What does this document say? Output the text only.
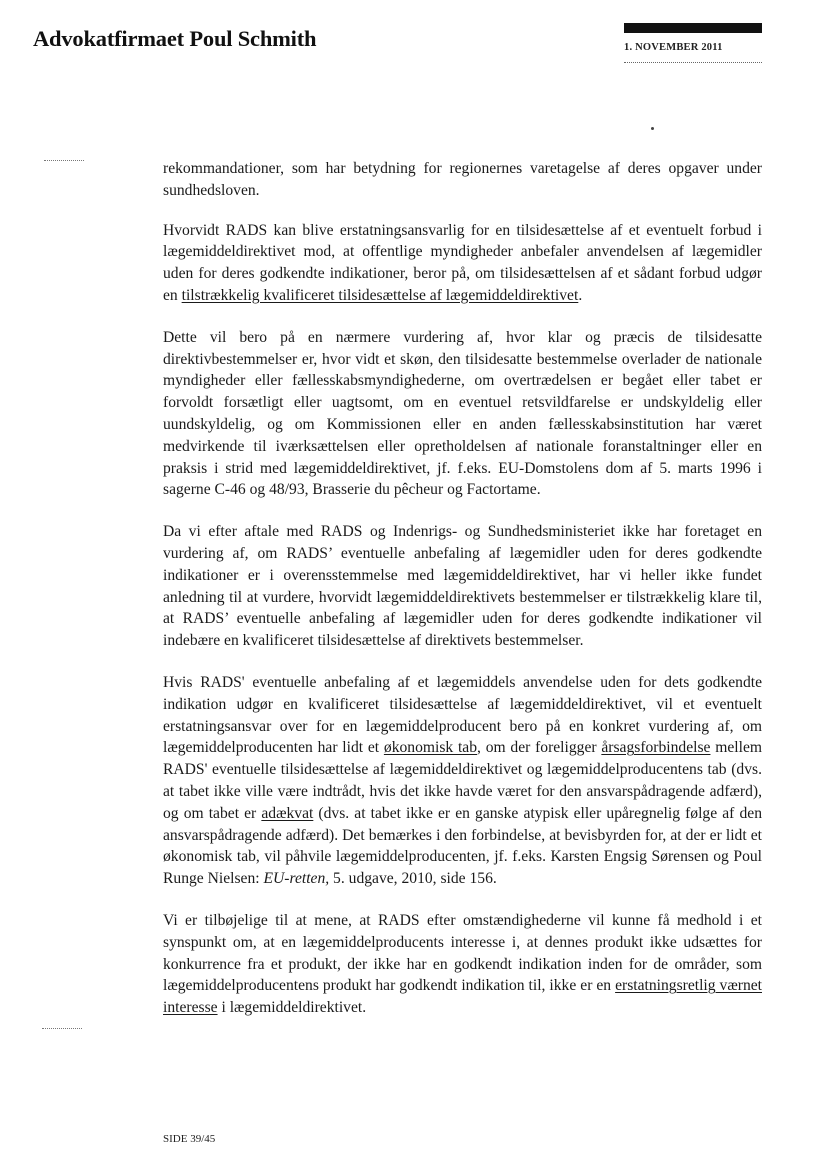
Advokatfirmaet Poul Schmith	1. NOVEMBER 2011

rekommandationer, som har betydning for regionernes varetagelse af deres opgaver under sundhedsloven.

Hvorvidt RADS kan blive erstatningsansvarlig for en tilsidesættelse af et eventuelt forbud i lægemiddeldirektivet mod, at offentlige myndigheder anbefaler anvendelsen af lægemidler uden for deres godkendte indikationer, beror på, om tilsidesættelsen af et sådant forbud udgør en tilstrækkelig kvalificeret tilsidesættelse af lægemiddeldirektivet.

Dette vil bero på en nærmere vurdering af, hvor klar og præcis de tilsidesatte direktivbestemmelser er, hvor vidt et skøn, den tilsidesatte bestemmelse overlader de nationale myndigheder eller fællesskabsmyndighederne, om overtrædelsen er begået eller tabet er forvoldt forsætligt eller uagtsomt, om en eventuel retsvildfarelse er undskyldelig eller uundskyldelig, og om Kommissionen eller en anden fællesskabsinstitution har været medvirkende til iværksættelsen eller opretholdelsen af nationale foranstaltninger eller en praksis i strid med lægemiddeldirektivet, jf. f.eks. EU-Domstolens dom af 5. marts 1996 i sagerne C-46 og 48/93, Brasserie du pêcheur og Factortame.

Da vi efter aftale med RADS og Indenrigs- og Sundhedsministeriet ikke har foretaget en vurdering af, om RADS’ eventuelle anbefaling af lægemidler uden for deres godkendte indikationer er i overensstemmelse med lægemiddeldirektivet, har vi heller ikke fundet anledning til at vurdere, hvorvidt lægemiddeldirektivets bestemmelser er tilstrækkelig klare til, at RADS’ eventuelle anbefaling af lægemidler uden for deres godkendte indikationer vil indebære en kvalificeret tilsidesættelse af direktivets bestemmelser.

Hvis RADS' eventuelle anbefaling af et lægemiddels anvendelse uden for dets godkendte indikation udgør en kvalificeret tilsidesættelse af lægemiddeldirektivet, vil et eventuelt erstatningsansvar over for en lægemiddelproducent bero på en konkret vurdering af, om lægemiddelproducenten har lidt et økonomisk tab, om der foreligger årsagsforbindelse mellem RADS' eventuelle tilsidesættelse af lægemiddeldirektivet og lægemiddelproducentens tab (dvs. at tabet ikke ville være indtrådt, hvis det ikke havde været for den ansvarspådragende adfærd), og om tabet er adækvat (dvs. at tabet ikke er en ganske atypisk eller upåregnelig følge af den ansvarspådragende adfærd). Det bemærkes i den forbindelse, at bevisbyrden for, at der er lidt et økonomisk tab, vil påhvile lægemiddelproducenten, jf. f.eks. Karsten Engsig Sørensen og Poul Runge Nielsen: EU-retten, 5. udgave, 2010, side 156.

Vi er tilbøjelige til at mene, at RADS efter omstændighederne vil kunne få medhold i et synspunkt om, at en lægemiddelproducents interesse i, at dennes produkt ikke udsættes for konkurrence fra et produkt, der ikke har en godkendt indikation inden for de områder, som lægemiddelproducentens produkt har godkendt indikation til, ikke er en erstatningsretlig værnet interesse i lægemiddeldirektivet.

SIDE 39/45
